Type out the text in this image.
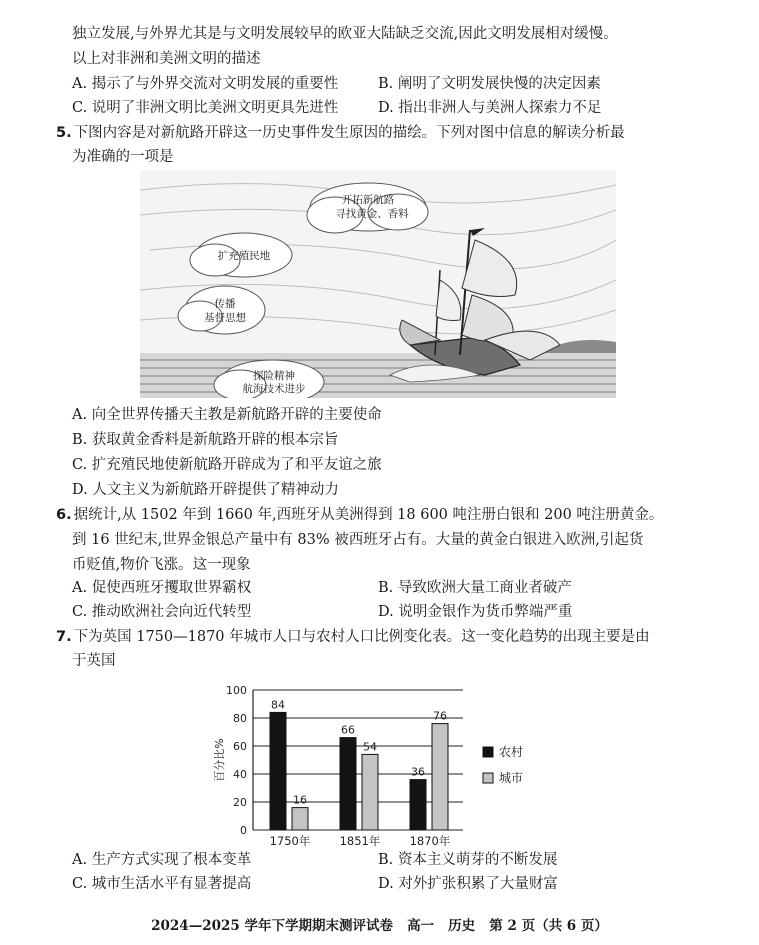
独立发展,与外界尤其是与文明发展较早的欧亚大陆缺乏交流,因此文明发展相对缓慢。
以上对非洲和美洲文明的描述
A. 揭示了与外界交流对文明发展的重要性	B. 阐明了文明发展快慢的决定因素
C. 说明了非洲文明比美洲文明更具先进性	D. 指出非洲人与美洲人探索力不足
5. 下图内容是对新航路开辟这一历史事件发生原因的描绘。下列对图中信息的解读分析最
为准确的一项是
开拓新航路
寻找黄金、香料
扩充殖民地
传播
基督思想
探险精神
航海技术进步
A. 向全世界传播天主教是新航路开辟的主要使命
B. 获取黄金香料是新航路开辟的根本宗旨
C. 扩充殖民地使新航路开辟成为了和平友谊之旅
D. 人文主义为新航路开辟提供了精神动力
6. 据统计,从 1502 年到 1660 年,西班牙从美洲得到 18 600 吨注册白银和 200 吨注册黄金。
到 16 世纪末,世界金银总产量中有 83% 被西班牙占有。大量的黄金白银进入欧洲,引起货
币贬值,物价飞涨。这一现象
A. 促使西班牙攫取世界霸权	B. 导致欧洲大量工商业者破产
C. 推动欧洲社会向近代转型	D. 说明金银作为货币弊端严重
7. 下为英国 1750—1870 年城市人口与农村人口比例变化表。这一变化趋势的出现主要是由
于英国
0
20
40
60
80
100
百分比%
84
16
1750年
66
54
1851年
36
76
1870年
农村
城市
A. 生产方式实现了根本变革	B. 资本主义萌芽的不断发展
C. 城市生活水平有显著提高	D. 对外扩张积累了大量财富
2024—2025 学年下学期期末测评试卷   高一   历史   第 2 页（共 6 页）
